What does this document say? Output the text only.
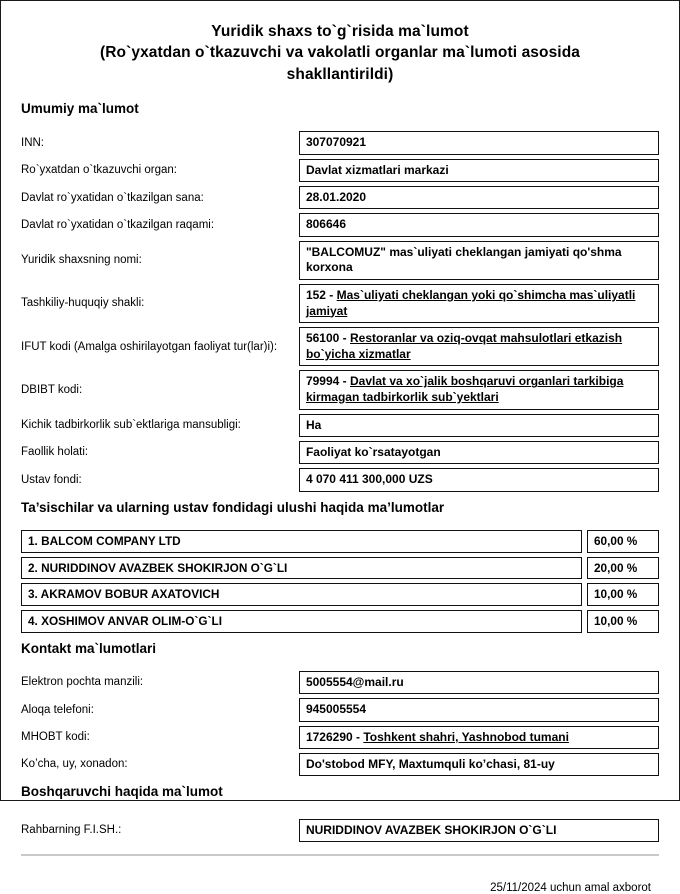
Yuridik shaxs to`g`risida ma`lumot
(Ro`yxatdan o`tkazuvchi va vakolatli organlar ma`lumoti asosida
shakllantirildi)
Umumiy ma`lumot
INN:		307070921

Ro`yxatdan o`tkazuvchi organ:		Davlat xizmatlari markazi

Davlat ro`yxatidan o`tkazilgan sana:		28.01.2020

Davlat ro`yxatidan o`tkazilgan raqami:		806646

Yuridik shaxsning nomi:		"BALCOMUZ" mas`uliyati cheklangan jamiyati qo'shma korxona

Tashkiliy-huquqiy shakli:		152 - Mas`uliyati cheklangan yoki qo`shimcha mas`uliyatli jamiyat

IFUT kodi (Amalga oshirilayotgan faoliyat tur(lar)i):		56100 - Restoranlar va oziq-ovqat mahsulotlari etkazish bo`yicha xizmatlar

DBIBT kodi:		79994 - Davlat va xo`jalik boshqaruvi organlari tarkibiga kirmagan tadbirkorlik sub`yektlari

Kichik tadbirkorlik sub`ektlariga mansubligi:		Ha

Faollik holati:		Faoliyat ko`rsatayotgan

Ustav fondi:		4 070 411 300,000 UZS
Ta’sischilar va ularning ustav fondidagi ulushi haqida ma’lumotlar
1. BALCOM COMPANY LTD		60,00 %

2. NURIDDINOV AVAZBEK SHOKIRJON O`G`LI		20,00 %

3. AKRAMOV BOBUR AXATOVICH		10,00 %

4. XOSHIMOV ANVAR OLIM-O`G`LI		10,00 %
Kontakt ma`lumotlari
Elektron pochta manzili:		5005554@mail.ru

Aloqa telefoni:		945005554

MHOBT kodi:		1726290 - Toshkent shahri, Yashnobod tumani

Ko’cha, uy, xonadon:		Do'stobod MFY, Maxtumquli ko’chasi, 81-uy
Boshqaruvchi haqida ma`lumot
Rahbarning F.I.SH.:		NURIDDINOV AVAZBEK SHOKIRJON O`G`LI
25/11/2024 uchun amal axborot
